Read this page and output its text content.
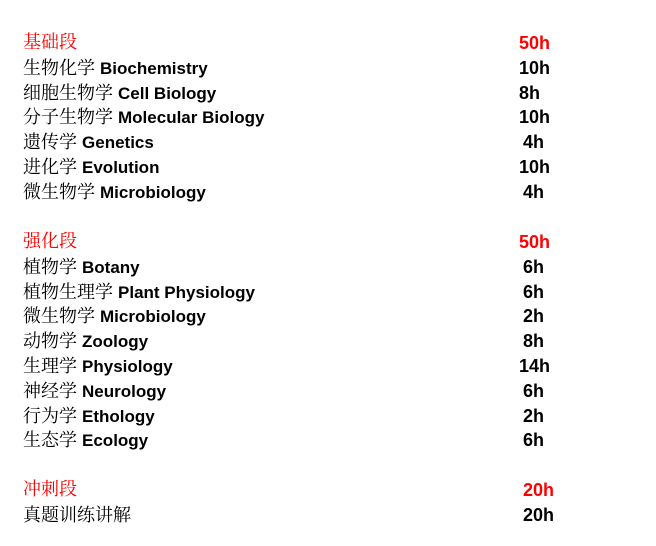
基础段	50h
生物化学 Biochemistry	10h
细胞生物学 Cell Biology	8h
分子生物学 Molecular Biology	10h
遗传学 Genetics	4h
进化学 Evolution	10h
微生物学 Microbiology	4h
强化段	50h
植物学 Botany	6h
植物生理学 Plant Physiology	6h
微生物学 Microbiology	2h
动物学 Zoology	8h
生理学 Physiology	14h
神经学 Neurology	6h
行为学 Ethology	2h
生态学 Ecology	6h
冲刺段	20h
真题训练讲解	20h
